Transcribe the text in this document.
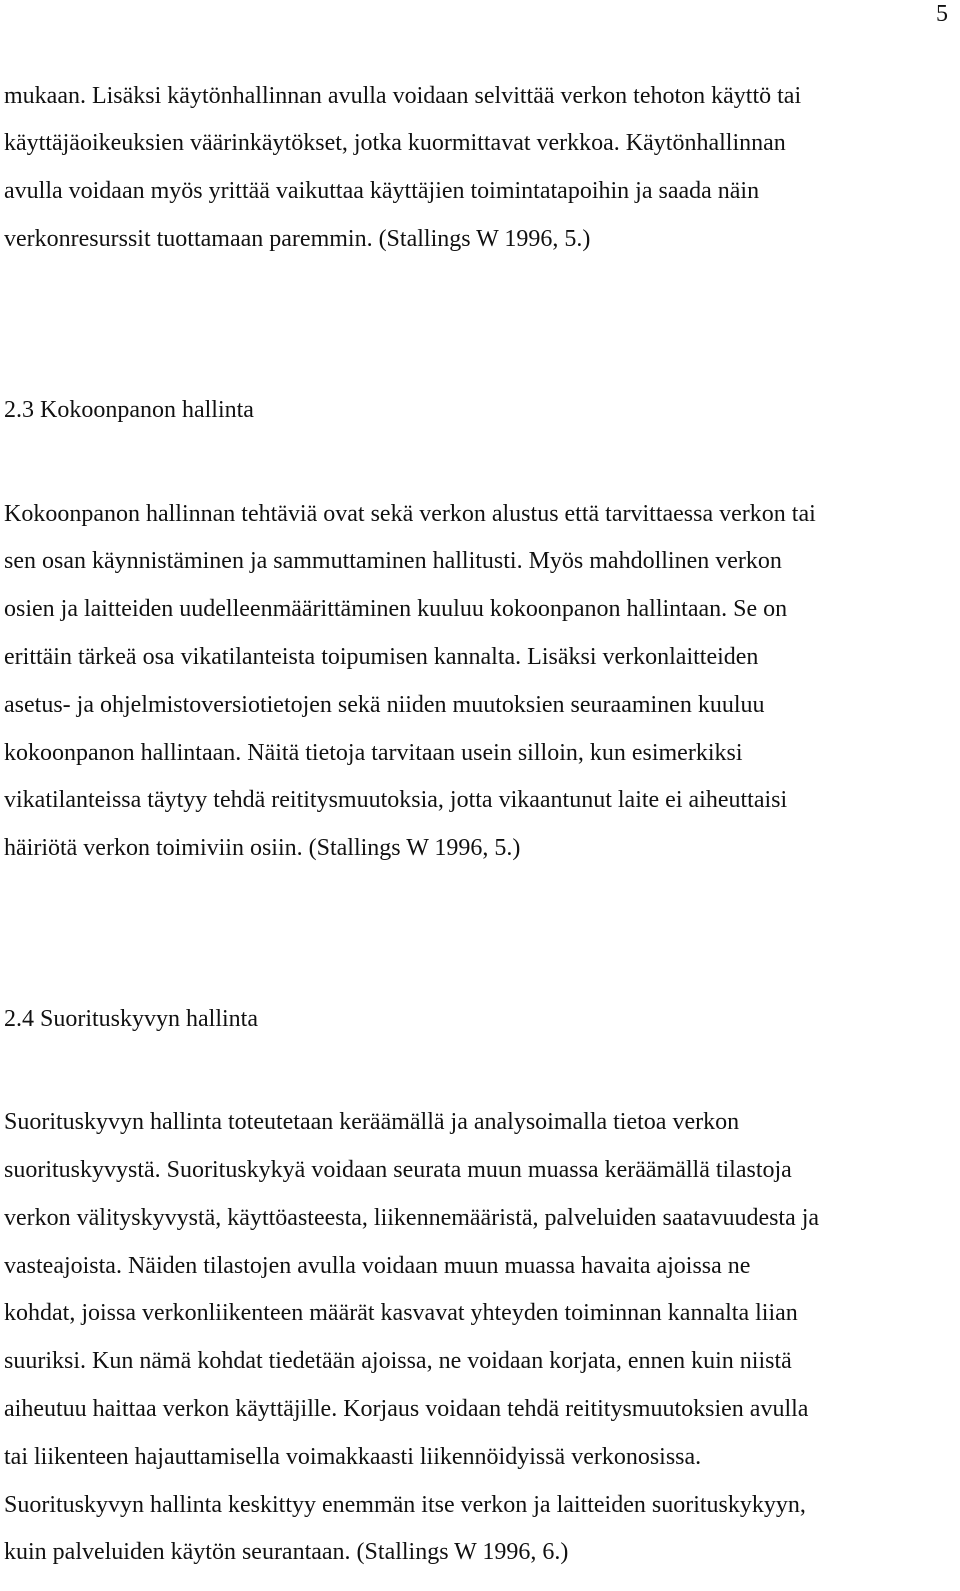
5
mukaan. Lisäksi käytönhallinnan avulla voidaan selvittää verkon tehoton käyttö tai
käyttäjäoikeuksien väärinkäytökset, jotka kuormittavat verkkoa. Käytönhallinnan
avulla voidaan myös yrittää vaikuttaa käyttäjien toimintatapoihin ja saada näin
verkonresurssit tuottamaan paremmin. (Stallings W 1996, 5.)
2.3 Kokoonpanon hallinta
Kokoonpanon hallinnan tehtäviä ovat sekä verkon alustus että tarvittaessa verkon tai
sen osan käynnistäminen ja sammuttaminen hallitusti. Myös mahdollinen verkon
osien ja laitteiden uudelleenmäärittäminen kuuluu kokoonpanon hallintaan. Se on
erittäin tärkeä osa vikatilanteista toipumisen kannalta. Lisäksi verkonlaitteiden
asetus- ja ohjelmistoversiotietojen sekä niiden muutoksien seuraaminen kuuluu
kokoonpanon hallintaan. Näitä tietoja tarvitaan usein silloin, kun esimerkiksi
vikatilanteissa täytyy tehdä reititysmuutoksia, jotta vikaantunut laite ei aiheuttaisi
häiriötä verkon toimiviin osiin. (Stallings W 1996, 5.)
2.4 Suorituskyvyn hallinta
Suorituskyvyn hallinta toteutetaan keräämällä ja analysoimalla tietoa verkon
suorituskyvystä. Suorituskykyä voidaan seurata muun muassa keräämällä tilastoja
verkon välityskyvystä, käyttöasteesta, liikennemääristä, palveluiden saatavuudesta ja
vasteajoista. Näiden tilastojen avulla voidaan muun muassa havaita ajoissa ne
kohdat, joissa verkonliikenteen määrät kasvavat yhteyden toiminnan kannalta liian
suuriksi. Kun nämä kohdat tiedetään ajoissa, ne voidaan korjata, ennen kuin niistä
aiheutuu haittaa verkon käyttäjille. Korjaus voidaan tehdä reititysmuutoksien avulla
tai liikenteen hajauttamisella voimakkaasti liikennöidyissä verkonosissa.
Suorituskyvyn hallinta keskittyy enemmän itse verkon ja laitteiden suorituskykyyn,
kuin palveluiden käytön seurantaan. (Stallings W 1996, 6.)
